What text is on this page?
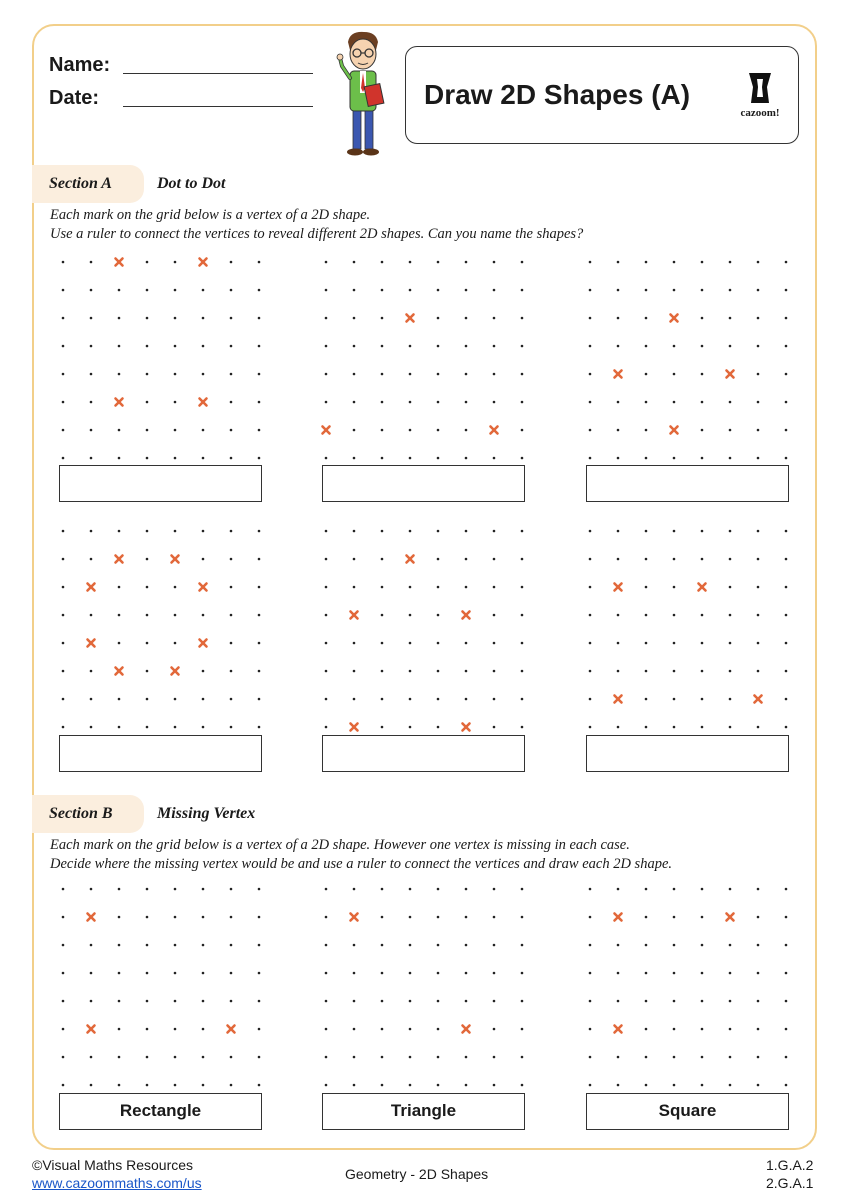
Name:
Date:	Draw 2D Shapes (A)
cazoom!
Section A	Dot to Dot
Each mark on the grid below is a vertex of a 2D shape.
Use a ruler to connect the vertices to reveal different 2D shapes. Can you name the shapes?
Section B	Missing Vertex
Each mark on the grid below is a vertex of a 2D shape. However one vertex is missing in each case.
Decide where the missing vertex would be and use a ruler to connect the vertices and draw each 2D shape.
Rectangle	Triangle	Square
©Visual Maths Resources
www.cazoommaths.com/us
Geometry - 2D Shapes
1.G.A.2
2.G.A.1
